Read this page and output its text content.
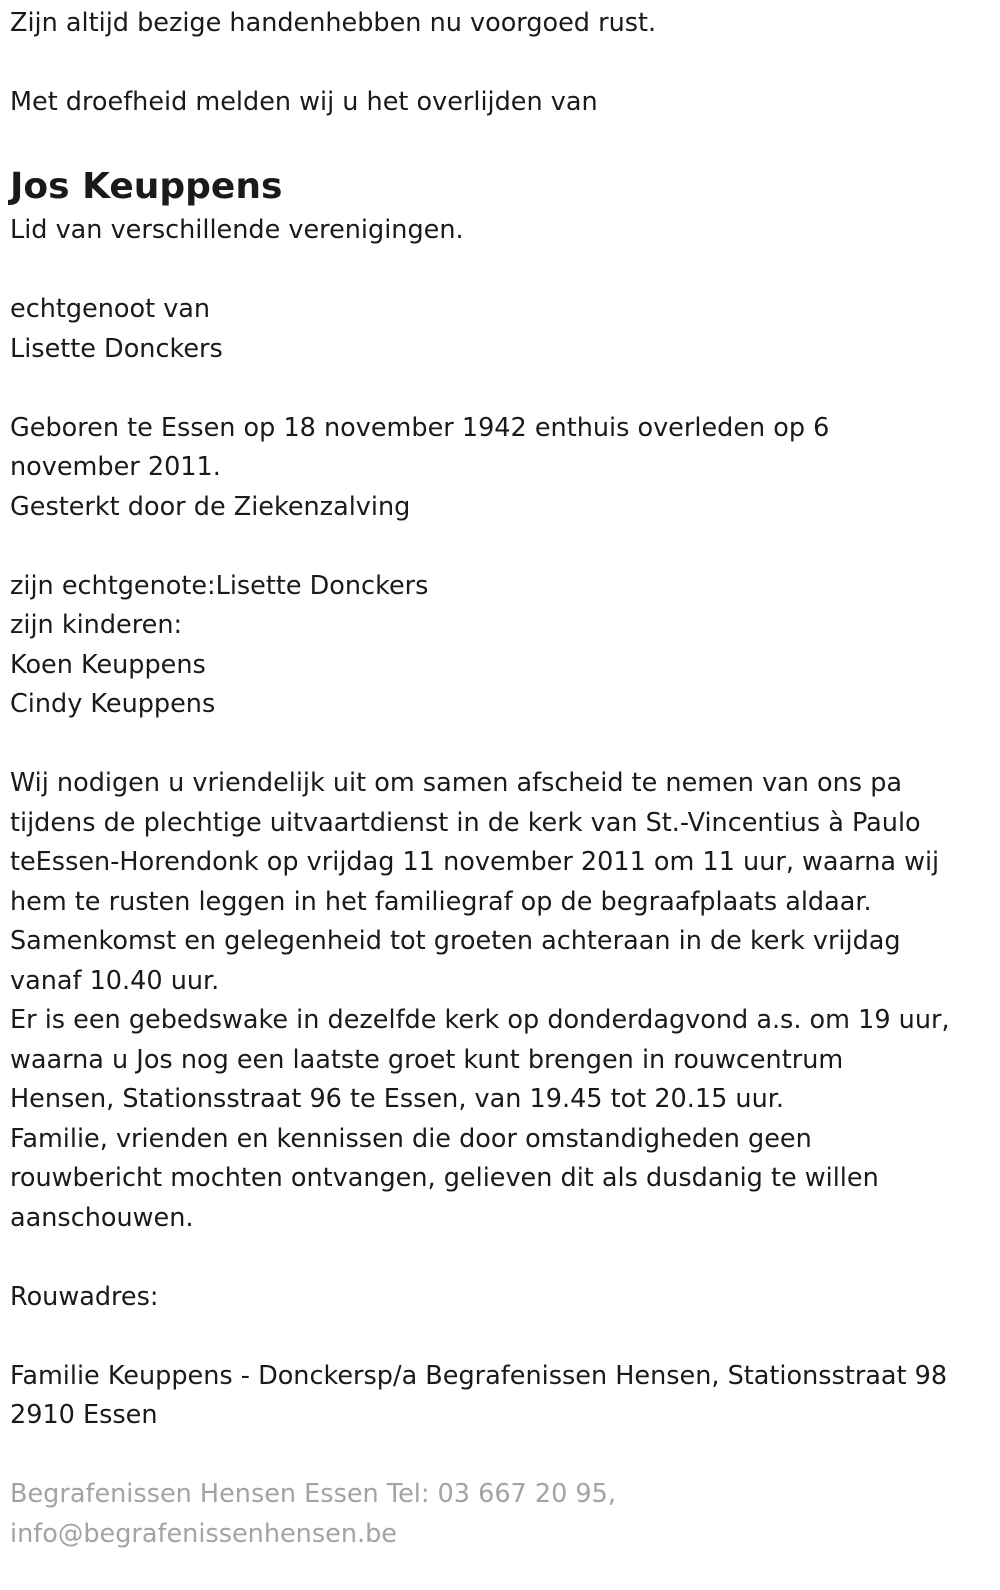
Zijn altijd bezige handenhebben nu voorgoed rust.

Met droefheid melden wij u het overlijden van

Jos Keuppens

Lid van verschillende verenigingen.

echtgenoot van

Lisette Donckers

Geboren te Essen op 18 november 1942 enthuis overleden op 6

november 2011.

Gesterkt door de Ziekenzalving

zijn echtgenote:Lisette Donckers

zijn kinderen:

Koen Keuppens

Cindy Keuppens

Wij nodigen u vriendelijk uit om samen afscheid te nemen van ons pa

tijdens de plechtige uitvaartdienst in de kerk van St.-Vincentius à Paulo

teEssen-Horendonk op vrijdag 11 november 2011 om 11 uur, waarna wij

hem te rusten leggen in het familiegraf op de begraafplaats aldaar.

Samenkomst en gelegenheid tot groeten achteraan in de kerk vrijdag

vanaf 10.40 uur.

Er is een gebedswake in dezelfde kerk op donderdagvond a.s. om 19 uur,

waarna u Jos nog een laatste groet kunt brengen in rouwcentrum

Hensen, Stationsstraat 96 te Essen, van 19.45 tot 20.15 uur.

Familie, vrienden en kennissen die door omstandigheden geen

rouwbericht mochten ontvangen, gelieven dit als dusdanig te willen

aanschouwen.

Rouwadres:

Familie Keuppens - Donckersp/a Begrafenissen Hensen, Stationsstraat 98

2910 Essen

Begrafenissen Hensen Essen Tel: 03 667 20 95,

info@begrafenissenhensen.be
